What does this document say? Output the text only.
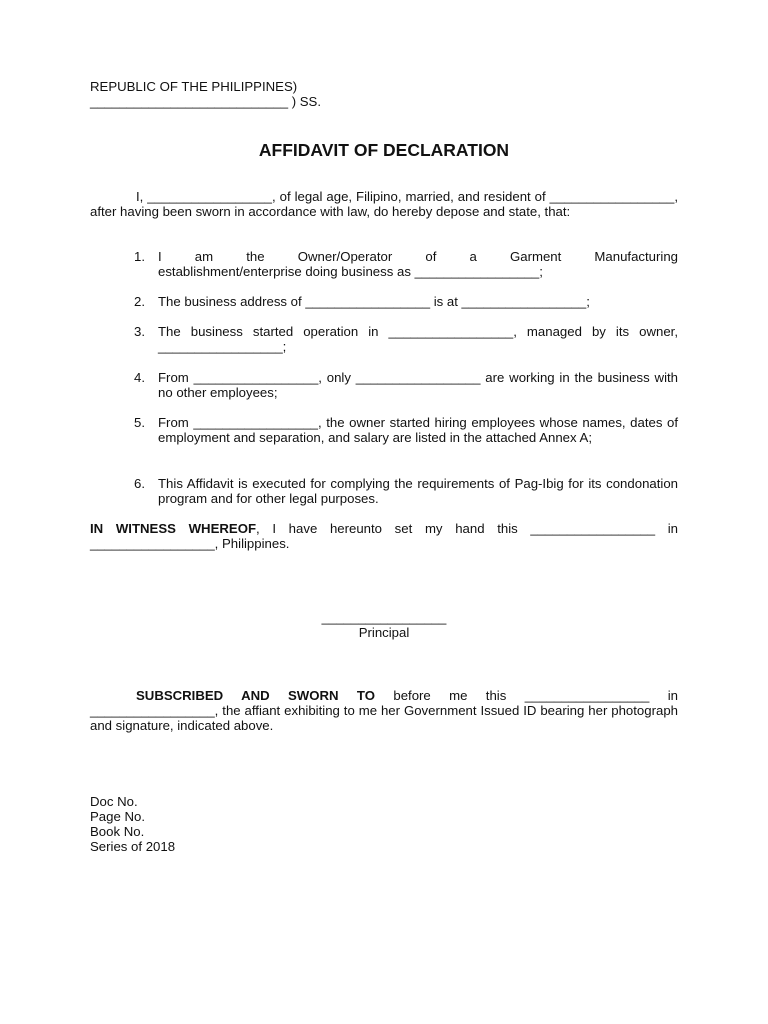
REPUBLIC OF THE PHILIPPINES)
___________________________ ) SS.
AFFIDAVIT OF DECLARATION
I, _________________, of legal age, Filipino, married, and resident of _________________, after having been sworn in accordance with law, do hereby depose and state, that:
1. I am the Owner/Operator of a Garment Manufacturing
establishment/enterprise doing business as _________________;
2. The business address of _________________ is at _________________;
3. The business started operation in _________________, managed by its owner, _________________;
4. From _________________, only _________________ are working in the business with no other employees;
5. From _________________, the owner started hiring employees whose names, dates of employment and separation, and salary are listed in the attached Annex A;
6. This Affidavit is executed for complying the requirements of Pag-Ibig for its condonation program and for other legal purposes.
IN WITNESS WHEREOF, I have hereunto set my hand this _________________ in _________________, Philippines.
_________________
Principal
SUBSCRIBED AND SWORN TO before me this _________________ in _________________, the affiant exhibiting to me her Government Issued ID bearing her photograph and signature, indicated above.
Doc No.
Page No.
Book No.
Series of 2018
